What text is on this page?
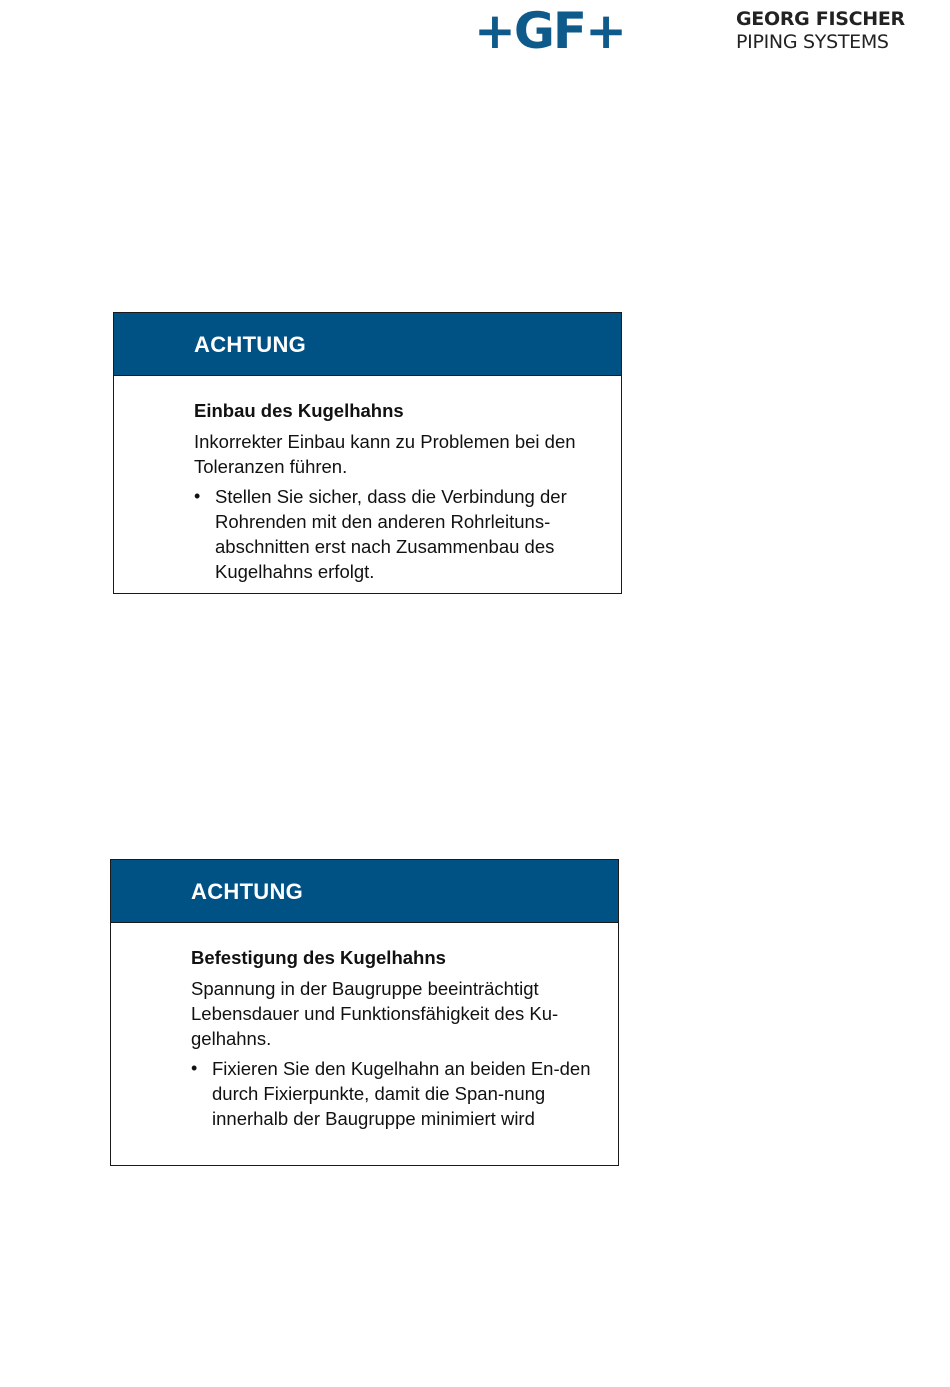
+GF+	GEORG FISCHER
PIPING SYSTEMS
ACHTUNG
Einbau des Kugelhahns
Inkorrekter Einbau kann zu Problemen bei den Toleranzen führen.
• Stellen Sie sicher, dass die Verbindung der Rohrenden mit den anderen Rohrleituns-abschnitten erst nach Zusammenbau des Kugelhahns erfolgt.
ACHTUNG
Befestigung des Kugelhahns
Spannung in der Baugruppe beeinträchtigt Lebensdauer und Funktionsfähigkeit des Ku-gelhahns.
• Fixieren Sie den Kugelhahn an beiden En-den durch Fixierpunkte, damit die Span-nung innerhalb der Baugruppe minimiert wird
